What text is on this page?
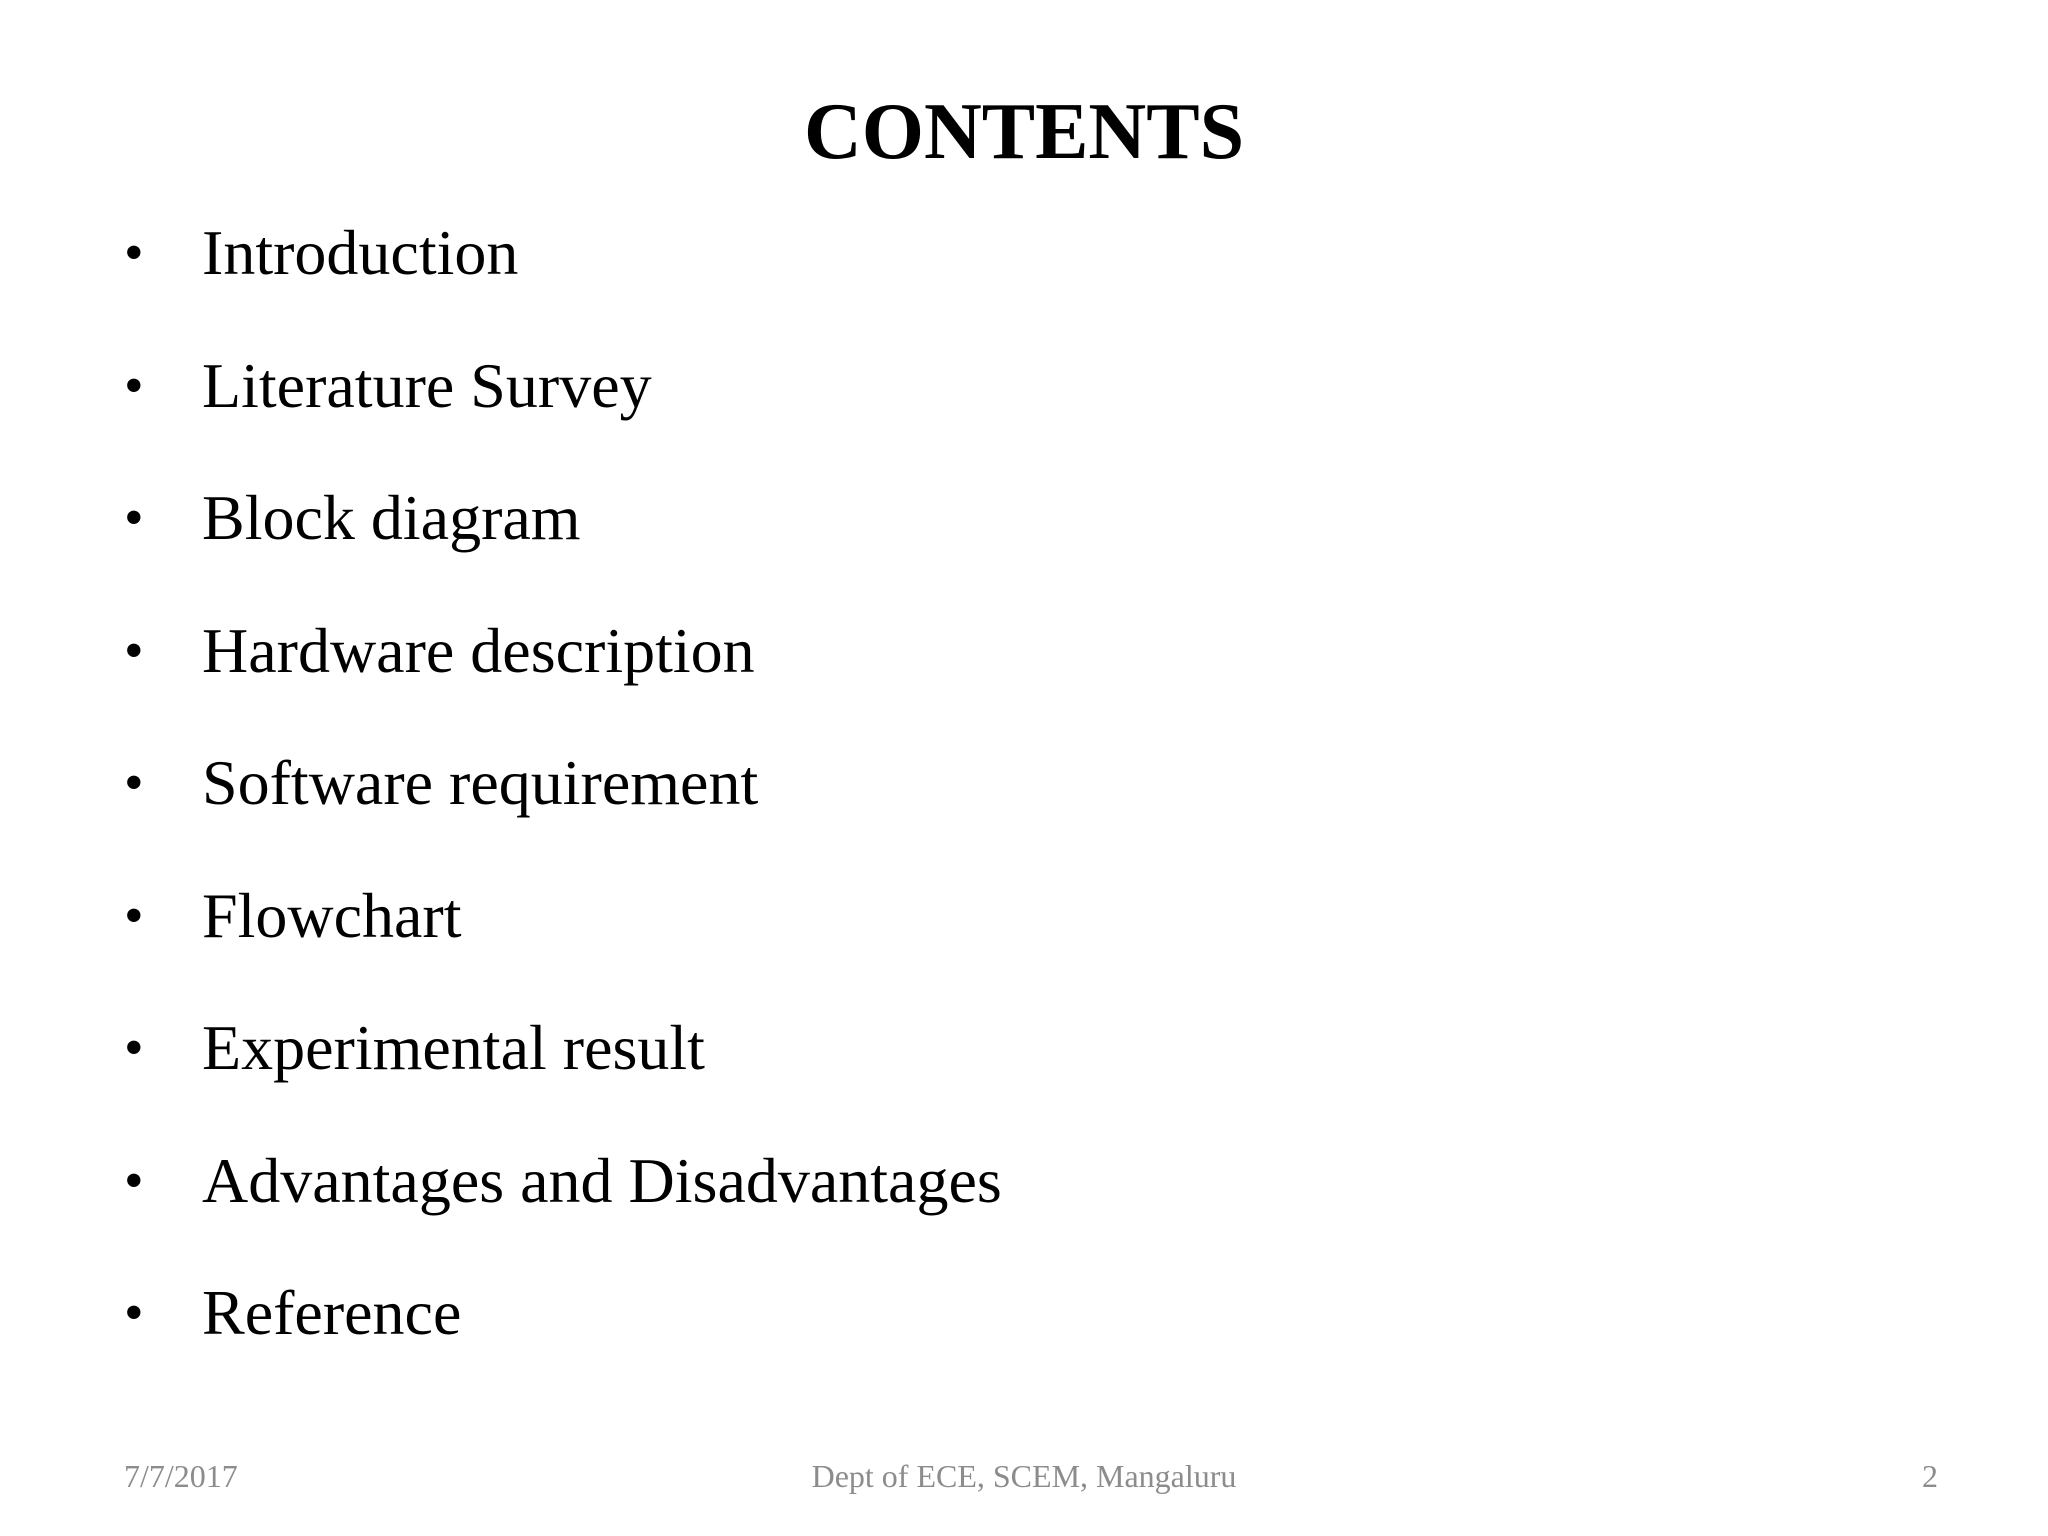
CONTENTS
• Introduction
• Literature Survey
• Block diagram
• Hardware description
• Software requirement
• Flowchart
• Experimental result
• Advantages and Disadvantages
• Reference
7/7/2017	Dept of ECE, SCEM, Mangaluru	2
